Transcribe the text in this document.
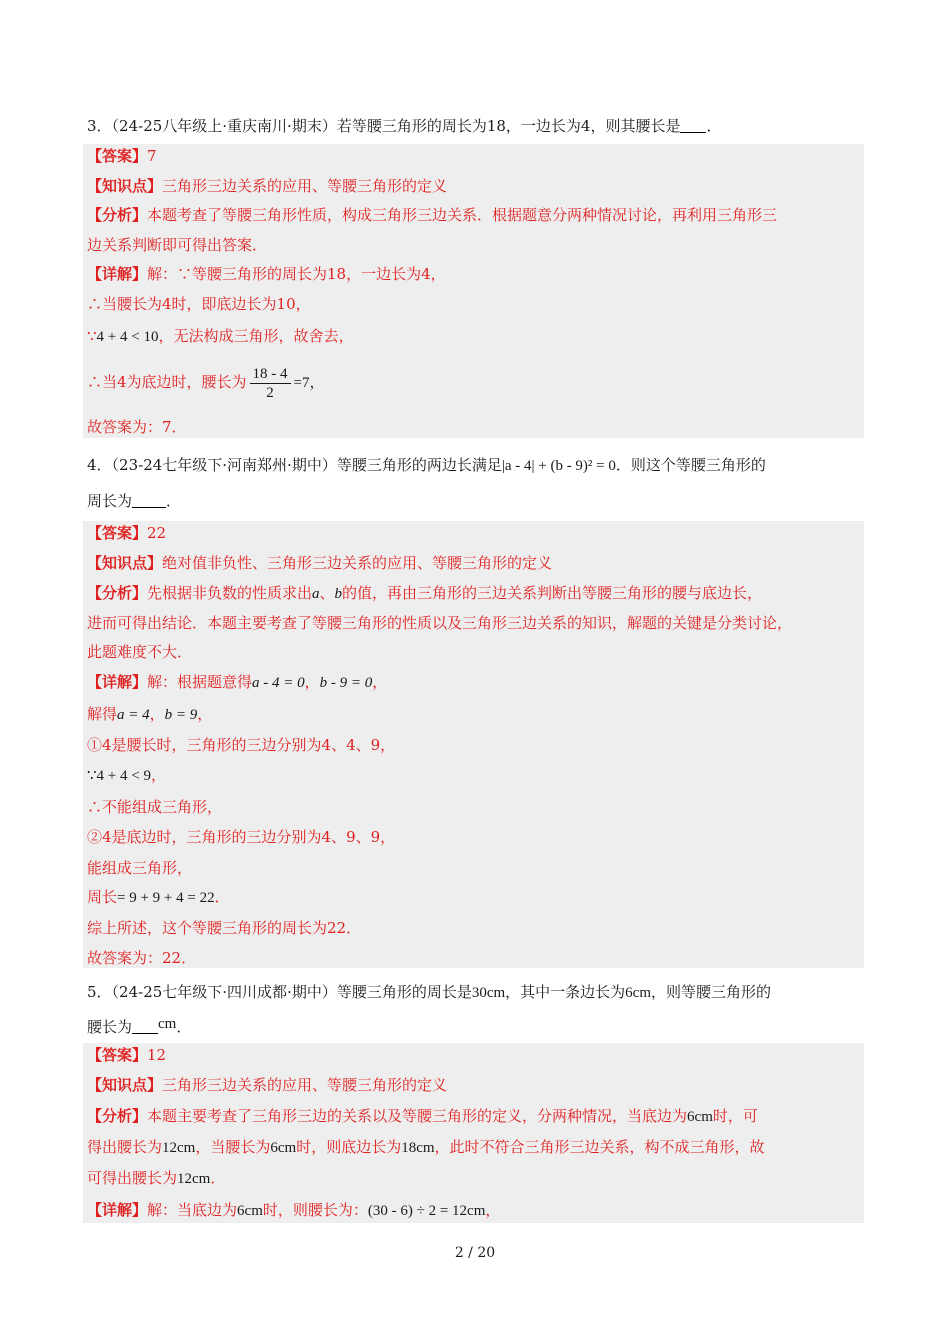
3．（24-25八年级上·重庆南川·期末）若等腰三角形的周长为18，一边长为4，则其腰长是 ．
【答案】7
【知识点】三角形三边关系的应用、等腰三角形的定义
【分析】本题考查了等腰三角形性质，构成三角形三边关系．根据题意分两种情况讨论，再利用三角形三
边关系判断即可得出答案．
【详解】解：∵等腰三角形的周长为18，一边长为4，
∴当腰长为4时，即底边长为10，
∵4 + 4 < 10，无法构成三角形，故舍去，
∴当4为底边时，腰长为 $\frac{18 - 4}{2} =7$，
故答案为：7．
4．（23-24七年级下·河南郑州·期中）等腰三角形的两边长满足|a - 4| + (b - 9)² = 0．则这个等腰三角形的
周长为 ．
【答案】22
【知识点】绝对值非负性、三角形三边关系的应用、等腰三角形的定义
【分析】先根据非负数的性质求出a、b的值，再由三角形的三边关系判断出等腰三角形的腰与底边长，
进而可得出结论．本题主要考查了等腰三角形的性质以及三角形三边关系的知识，解题的关键是分类讨论，
此题难度不大．
【详解】解：根据题意得a - 4 = 0，b - 9 = 0，
解得a = 4，b = 9，
①4是腰长时，三角形的三边分别为4、4、9，
∵4 + 4 < 9，
∴不能组成三角形，
②4是底边时，三角形的三边分别为4、9、9，
能组成三角形，
周长= 9 + 9 + 4 = 22．
综上所述，这个等腰三角形的周长为22．
故答案为：22．
5．（24-25七年级下·四川成都·期中）等腰三角形的周长是30cm，其中一条边长为6cm，则等腰三角形的
腰长为 cm．
【答案】12
【知识点】三角形三边关系的应用、等腰三角形的定义
【分析】本题主要考查了三角形三边的关系以及等腰三角形的定义，分两种情况，当底边为6cm时，可
得出腰长为12cm，当腰长为6cm时，则底边长为18cm，此时不符合三角形三边关系，构不成三角形，故
可得出腰长为12cm．
【详解】解：当底边为6cm时，则腰长为：(30 - 6) ÷ 2 = 12cm，
2 / 20
